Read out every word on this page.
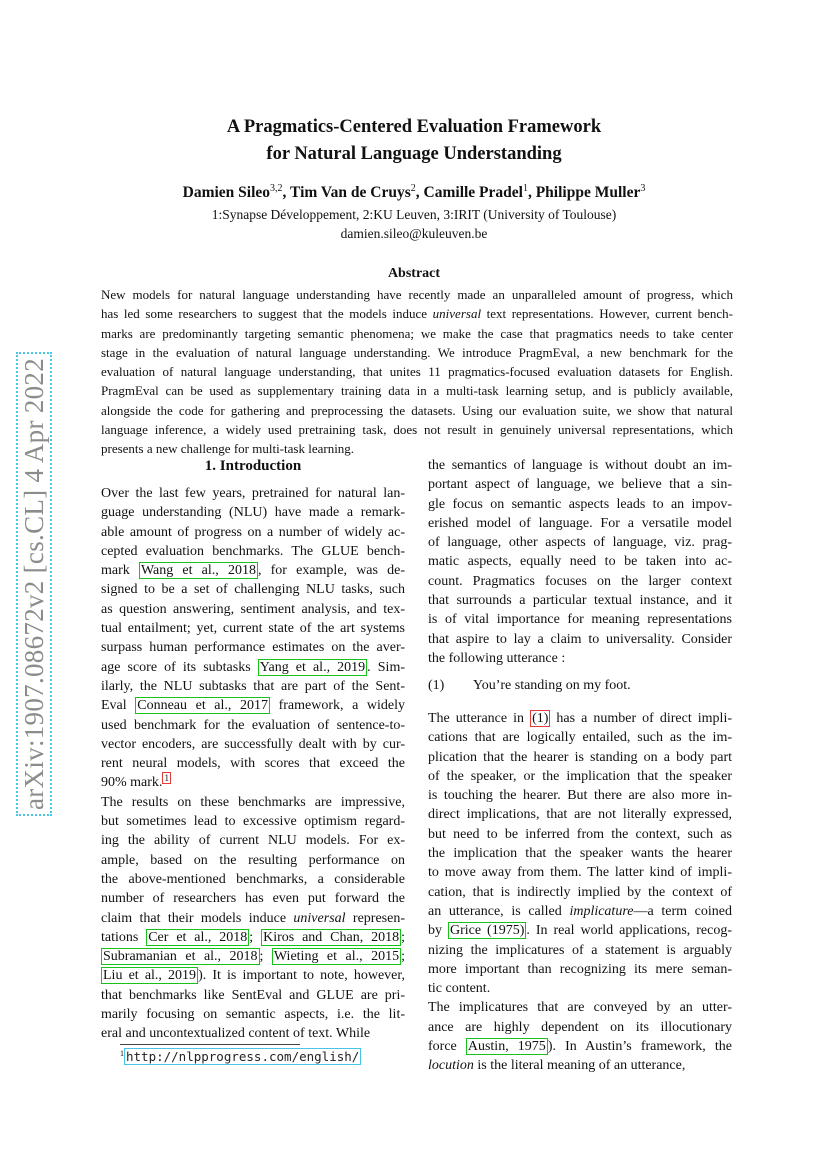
arXiv:1907.08672v2 [cs.CL] 4 Apr 2022
A Pragmatics-Centered Evaluation Framework
for Natural Language Understanding
Damien Sileo$^{3,2}$, Tim Van de Cruys$^2$, Camille Pradel$^1$, Philippe Muller$^3$
1:Synapse Développement, 2:KU Leuven, 3:IRIT (University of Toulouse)
damien.sileo@kuleuven.be
Abstract
New models for natural language understanding have recently made an unparalleled amount of progress, which
has led some researchers to suggest that the models induce universal text representations. However, current bench-
marks are predominantly targeting semantic phenomena; we make the case that pragmatics needs to take center
stage in the evaluation of natural language understanding. We introduce PragmEval, a new benchmark for the
evaluation of natural language understanding, that unites 11 pragmatics-focused evaluation datasets for English.
PragmEval can be used as supplementary training data in a multi-task learning setup, and is publicly available,
alongside the code for gathering and preprocessing the datasets. Using our evaluation suite, we show that natural
language inference, a widely used pretraining task, does not result in genuinely universal representations, which
presents a new challenge for multi-task learning.
1. Introduction
Over the last few years, pretrained for natural lan-
guage understanding (NLU) have made a remark-
able amount of progress on a number of widely ac-
cepted evaluation benchmarks. The GLUE bench-
mark Wang et al., 2018 , for example, was de-
signed to be a set of challenging NLU tasks, such
as question answering, sentiment analysis, and tex-
tual entailment; yet, current state of the art systems
surpass human performance estimates on the aver-
age score of its subtasks Yang et al., 2019 . Sim-
ilarly, the NLU subtasks that are part of the Sent-
Eval Conneau et al., 2017 framework, a widely
used benchmark for the evaluation of sentence-to-
vector encoders, are successfully dealt with by cur-
rent neural models, with scores that exceed the
90% mark. $^1$
The results on these benchmarks are impressive,
but sometimes lead to excessive optimism regard-
ing the ability of current NLU models. For ex-
ample, based on the resulting performance on
the above-mentioned benchmarks, a considerable
number of researchers has even put forward the
claim that their models induce universal represen-
tations Cer et al., 2018 ; Kiros and Chan, 2018 ;
Subramanian et al., 2018 ; Wieting et al., 2015 ;
Liu et al., 2019 ). It is important to note, however,
that benchmarks like SentEval and GLUE are pri-
marily focusing on semantic aspects, i.e. the lit-
eral and uncontextualized content of text. While
the semantics of language is without doubt an im-
portant aspect of language, we believe that a sin-
gle focus on semantic aspects leads to an impov-
erished model of language. For a versatile model
of language, other aspects of language, viz. prag-
matic aspects, equally need to be taken into ac-
count. Pragmatics focuses on the larger context
that surrounds a particular textual instance, and it
is of vital importance for meaning representations
that aspire to lay a claim to universality. Consider
the following utterance :
(1) You’re standing on my foot.
The utterance in (1) has a number of direct impli-
cations that are logically entailed, such as the im-
plication that the hearer is standing on a body part
of the speaker, or the implication that the speaker
is touching the hearer. But there are also more in-
direct implications, that are not literally expressed,
but need to be inferred from the context, such as
the implication that the speaker wants the hearer
to move away from them. The latter kind of impli-
cation, that is indirectly implied by the context of
an utterance, is called implicature—a term coined
by Grice (1975) . In real world applications, recog-
nizing the implicatures of a statement is arguably
more important than recognizing its mere seman-
tic content.
The implicatures that are conveyed by an utter-
ance are highly dependent on its illocutionary
force Austin, 1975 ). In Austin’s framework, the
locution is the literal meaning of an utterance,
$^1$ http://nlpprogress.com/english/
